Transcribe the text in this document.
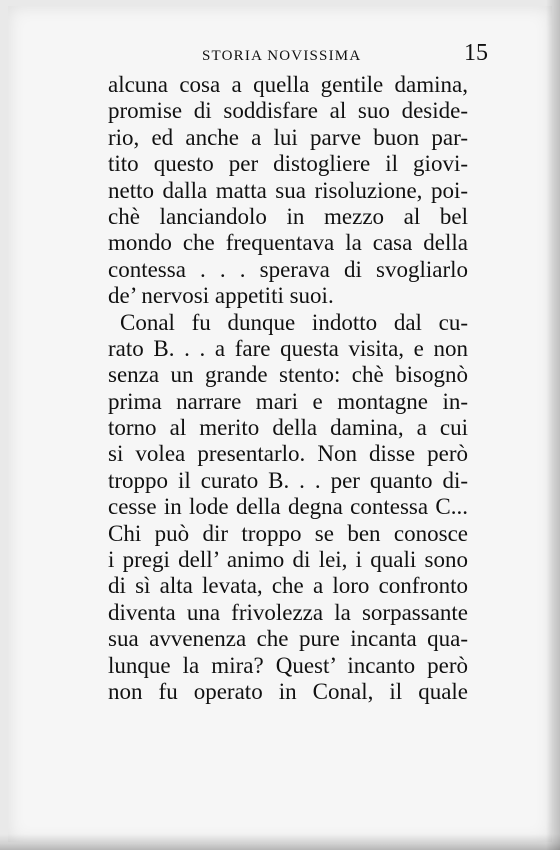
STORIA NOVISSIMA	15
alcuna cosa a quella gentile damina,
promise di soddisfare al suo deside-
rio, ed anche a lui parve buon par-
tito questo per distogliere il giovi-
netto dalla matta sua risoluzione, poi-
chè lanciandolo in mezzo al bel
mondo che frequentava la casa della
contessa . . . sperava di svogliarlo
de’ nervosi appetiti suoi.
Conal fu dunque indotto dal cu-
rato B. . . a fare questa visita, e non
senza un grande stento: chè bisognò
prima narrare mari e montagne in-
torno al merito della damina, a cui
si volea presentarlo. Non disse però
troppo il curato B. . . per quanto di-
cesse in lode della degna contessa C...
Chi può dir troppo se ben conosce
i pregi dell’ animo di lei, i quali sono
di sì alta levata, che a loro confronto
diventa una frivolezza la sorpassante
sua avvenenza che pure incanta qua-
lunque la mira? Quest’ incanto però
non fu operato in Conal, il quale
